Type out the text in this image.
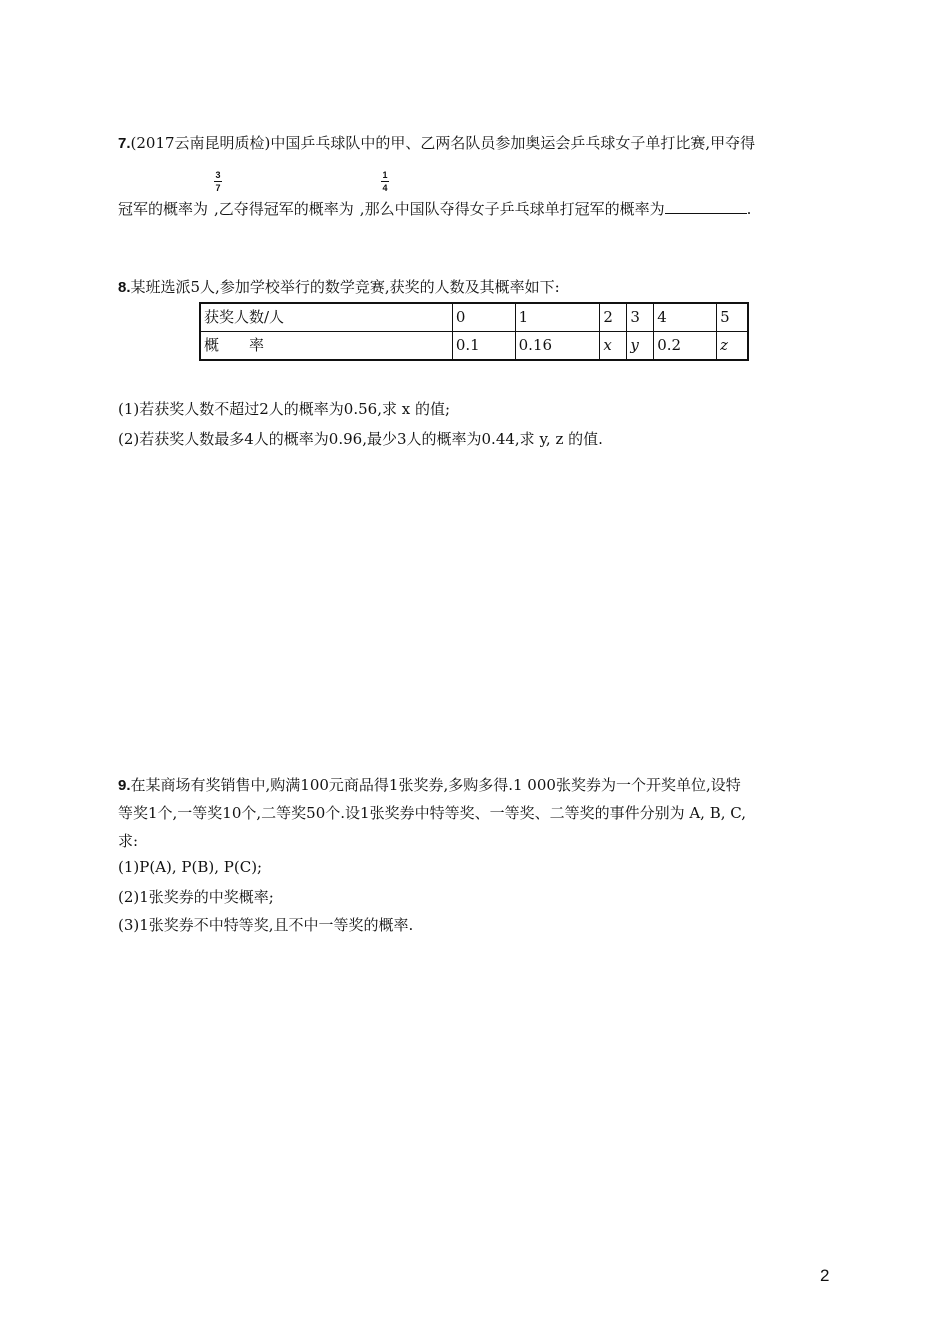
7.(2017云南昆明质检)中国乒乓球队中的甲、乙两名队员参加奥运会乒乓球女子单打比赛,甲夺得
3
7
1
4
冠军的概率为 ,乙夺得冠军的概率为 ,那么中国队夺得女子乒乓球单打冠军的概率为	.
8.某班选派5人,参加学校举行的数学竞赛,获奖的人数及其概率如下:
获奖人数/人	0	1	2	3	4	5
概　　率	0.1	0.16	x	y	0.2	z
(1)若获奖人数不超过2人的概率为0.56,求 x 的值;
(2)若获奖人数最多4人的概率为0.96,最少3人的概率为0.44,求 y, z 的值.
9.在某商场有奖销售中,购满100元商品得1张奖券,多购多得.1 000张奖券为一个开奖单位,设特
等奖1个,一等奖10个,二等奖50个.设1张奖券中特等奖、一等奖、二等奖的事件分别为 A, B, C,
求:
(1)P(A), P(B), P(C);
(2)1张奖券的中奖概率;
(3)1张奖券不中特等奖,且不中一等奖的概率.
2
